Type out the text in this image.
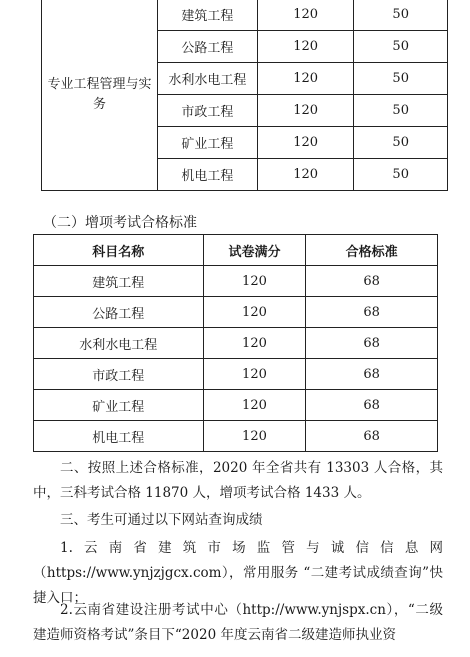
专业工程管理与实务	建筑工程	120	50
	公路工程	120	50
	水利水电工程	120	50
	市政工程	120	50
	矿业工程	120	50
	机电工程	120	50
（二）增项考试合格标准
科目名称	试卷满分	合格标准
建筑工程	120	68
公路工程	120	68
水利水电工程	120	68
市政工程	120	68
矿业工程	120	68
机电工程	120	68

二、按照上述合格标准，2020 年全省共有 13303 人合格，其中，三科考试合格 11870 人，增项考试合格 1433 人。

三、考生可通过以下网站查询成绩

1.云南省建筑市场监管与诚信信息网（https://www.ynjzjgcx.com），常用服务 “二建考试成绩查询”快捷入口；

2.云南省建设注册考试中心（http://www.ynjspx.cn），“二级建造师资格考试”条目下“2020 年度云南省二级建造师执业资
